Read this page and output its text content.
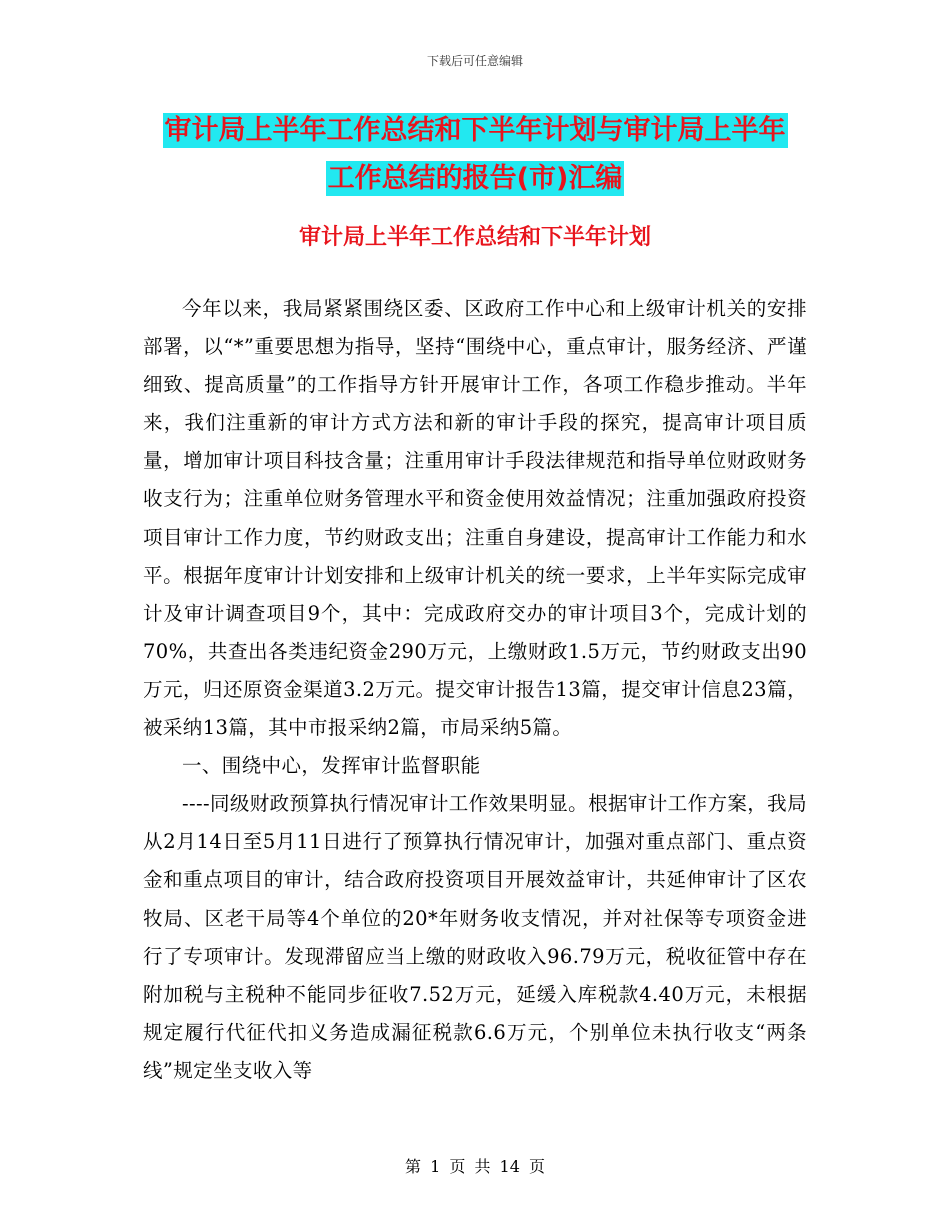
下载后可任意编辑
审计局上半年工作总结和下半年计划与审计局上半年
工作总结的报告(市)汇编
审计局上半年工作总结和下半年计划

今年以来，我局紧紧围绕区委、区政府工作中心和上级审计机关的安排部署，以“*”重要思想为指导，坚持“围绕中心，重点审计，服务经济、严谨细致、提高质量”的工作指导方针开展审计工作，各项工作稳步推动。半年来，我们注重新的审计方式方法和新的审计手段的探究，提高审计项目质量，增加审计项目科技含量；注重用审计手段法律规范和指导单位财政财务收支行为；注重单位财务管理水平和资金使用效益情况；注重加强政府投资项目审计工作力度，节约财政支出；注重自身建设，提高审计工作能力和水平。根据年度审计计划安排和上级审计机关的统一要求，上半年实际完成审计及审计调查项目9个，其中：完成政府交办的审计项目3个，完成计划的70%，共查出各类违纪资金290万元，上缴财政1.5万元，节约财政支出90万元，归还原资金渠道3.2万元。提交审计报告13篇，提交审计信息23篇，被采纳13篇，其中市报采纳2篇，市局采纳5篇。

一、围绕中心，发挥审计监督职能

----同级财政预算执行情况审计工作效果明显。根据审计工作方案，我局从2月14日至5月11日进行了预算执行情况审计，加强对重点部门、重点资金和重点项目的审计，结合政府投资项目开展效益审计，共延伸审计了区农牧局、区老干局等4个单位的20*年财务收支情况，并对社保等专项资金进行了专项审计。发现滞留应当上缴的财政收入96.79万元，税收征管中存在附加税与主税种不能同步征收7.52万元，延缓入库税款4.40万元，未根据规定履行代征代扣义务造成漏征税款6.6万元，个别单位未执行收支“两条线”规定坐支收入等

第 1 页 共 14 页
